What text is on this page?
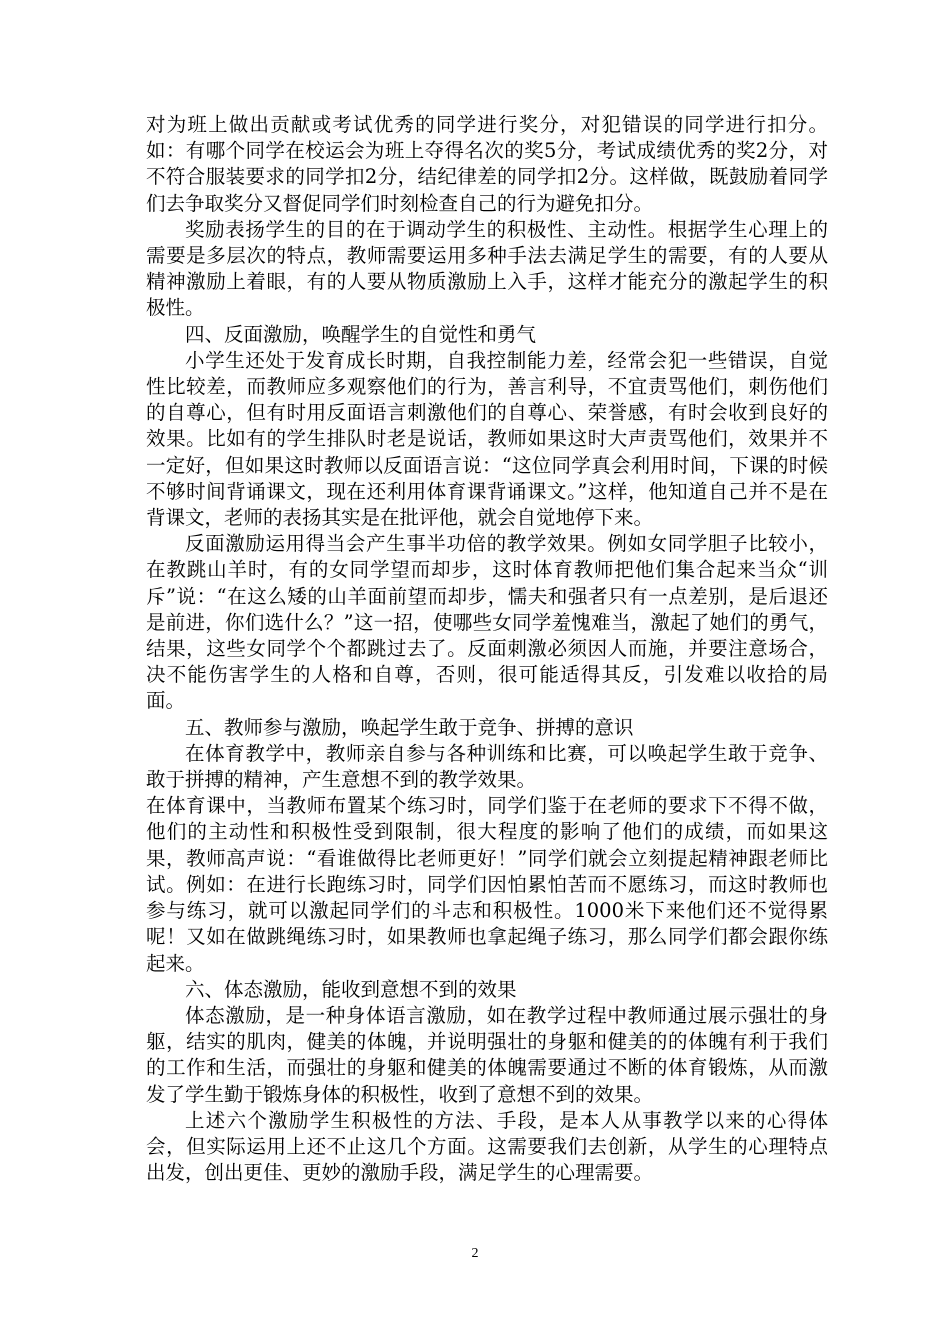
对为班上做出贡献或考试优秀的同学进行奖分，对犯错误的同学进行扣分。如：有哪个同学在校运会为班上夺得名次的奖5分，考试成绩优秀的奖2分，对不符合服装要求的同学扣2分，结纪律差的同学扣2分。这样做，既鼓励着同学们去争取奖分又督促同学们时刻检查自己的行为避免扣分。

奖励表扬学生的目的在于调动学生的积极性、主动性。根据学生心理上的需要是多层次的特点，教师需要运用多种手法去满足学生的需要，有的人要从精神激励上着眼，有的人要从物质激励上入手，这样才能充分的激起学生的积极性。

四、反面激励，唤醒学生的自觉性和勇气

小学生还处于发育成长时期，自我控制能力差，经常会犯一些错误，自觉性比较差，而教师应多观察他们的行为，善言利导，不宜责骂他们，刺伤他们的自尊心，但有时用反面语言刺激他们的自尊心、荣誉感，有时会收到良好的效果。比如有的学生排队时老是说话，教师如果这时大声责骂他们，效果并不一定好，但如果这时教师以反面语言说：“这位同学真会利用时间，下课的时候不够时间背诵课文，现在还利用体育课背诵课文。”这样，他知道自己并不是在背课文，老师的表扬其实是在批评他，就会自觉地停下来。

反面激励运用得当会产生事半功倍的教学效果。例如女同学胆子比较小，在教跳山羊时，有的女同学望而却步，这时体育教师把他们集合起来当众“训斥”说：“在这么矮的山羊面前望而却步，懦夫和强者只有一点差别，是后退还是前进，你们选什么？”这一招，使哪些女同学羞愧难当，激起了她们的勇气，结果，这些女同学个个都跳过去了。反面刺激必须因人而施，并要注意场合，决不能伤害学生的人格和自尊，否则，很可能适得其反，引发难以收拾的局面。

五、教师参与激励，唤起学生敢于竞争、拼搏的意识

在体育教学中，教师亲自参与各种训练和比赛，可以唤起学生敢于竞争、敢于拼搏的精神，产生意想不到的教学效果。

在体育课中，当教师布置某个练习时，同学们鉴于在老师的要求下不得不做，他们的主动性和积极性受到限制，很大程度的影响了他们的成绩，而如果这果，教师高声说：“看谁做得比老师更好！”同学们就会立刻提起精神跟老师比试。例如：在进行长跑练习时，同学们因怕累怕苦而不愿练习，而这时教师也参与练习，就可以激起同学们的斗志和积极性。1000米下来他们还不觉得累呢！又如在做跳绳练习时，如果教师也拿起绳子练习，那么同学们都会跟你练起来。

六、体态激励，能收到意想不到的效果

体态激励，是一种身体语言激励，如在教学过程中教师通过展示强壮的身躯，结实的肌肉，健美的体魄，并说明强壮的身躯和健美的的体魄有利于我们的工作和生活，而强壮的身躯和健美的体魄需要通过不断的体育锻炼，从而激发了学生勤于锻炼身体的积极性，收到了意想不到的效果。

上述六个激励学生积极性的方法、手段，是本人从事教学以来的心得体会，但实际运用上还不止这几个方面。这需要我们去创新，从学生的心理特点出发，创出更佳、更妙的激励手段，满足学生的心理需要。

2
